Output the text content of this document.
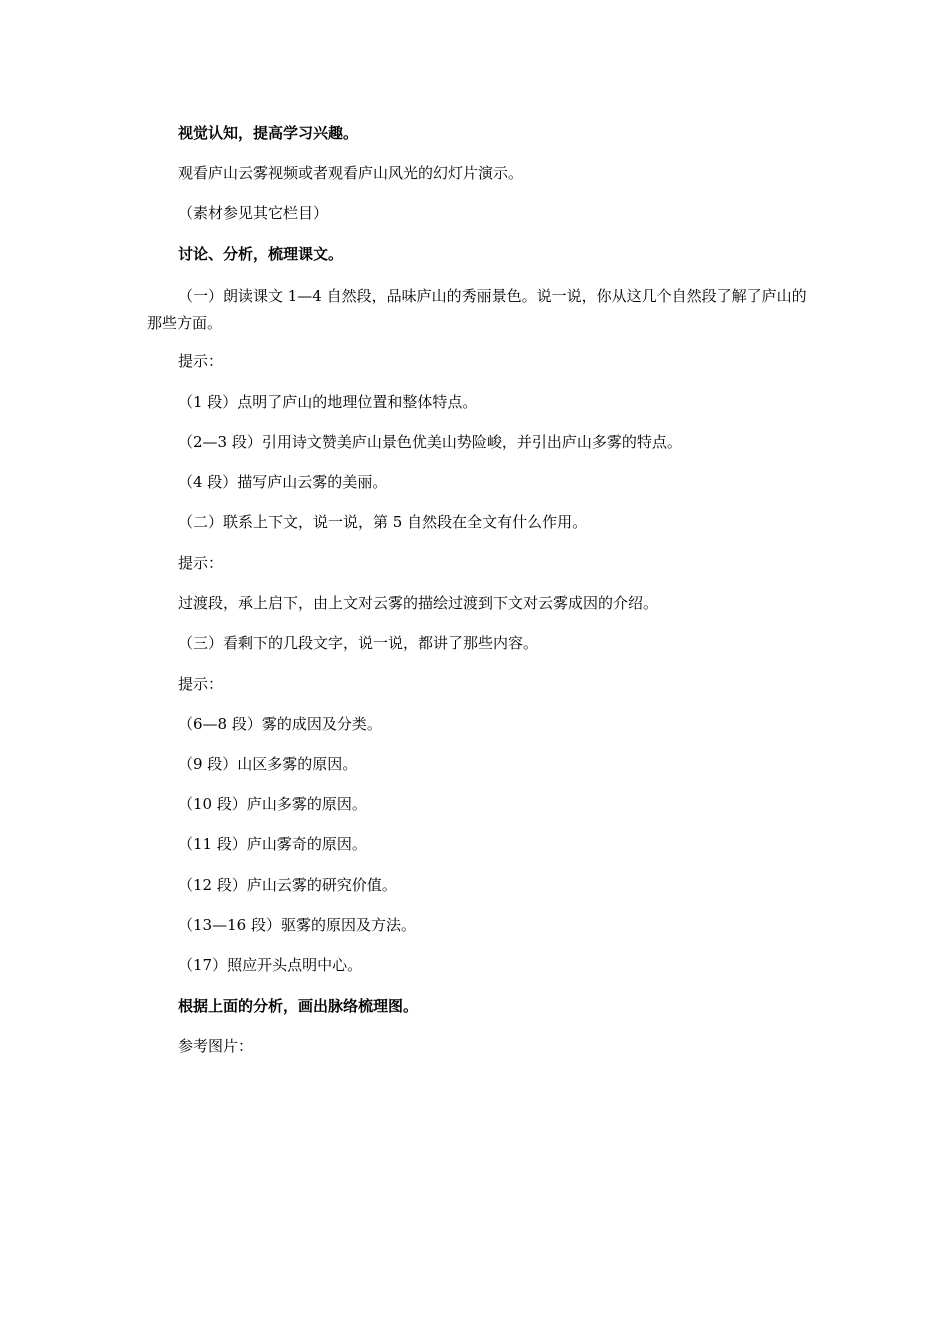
视觉认知，提高学习兴趣。
观看庐山云雾视频或者观看庐山风光的幻灯片演示。
（素材参见其它栏目）
讨论、分析，梳理课文。
（一）朗读课文 1—4 自然段，品味庐山的秀丽景色。说一说，你从这几个自然段了解了庐山的那些方面。
提示：
（1 段）点明了庐山的地理位置和整体特点。
（2—3 段）引用诗文赞美庐山景色优美山势险峻，并引出庐山多雾的特点。
（4 段）描写庐山云雾的美丽。
（二）联系上下文，说一说，第 5 自然段在全文有什么作用。
提示：
过渡段，承上启下，由上文对云雾的描绘过渡到下文对云雾成因的介绍。
（三）看剩下的几段文字，说一说，都讲了那些内容。
提示：
（6—8 段）雾的成因及分类。
（9 段）山区多雾的原因。
（10 段）庐山多雾的原因。
（11 段）庐山雾奇的原因。
（12 段）庐山云雾的研究价值。
（13—16 段）驱雾的原因及方法。
（17）照应开头点明中心。
根据上面的分析，画出脉络梳理图。
参考图片：
